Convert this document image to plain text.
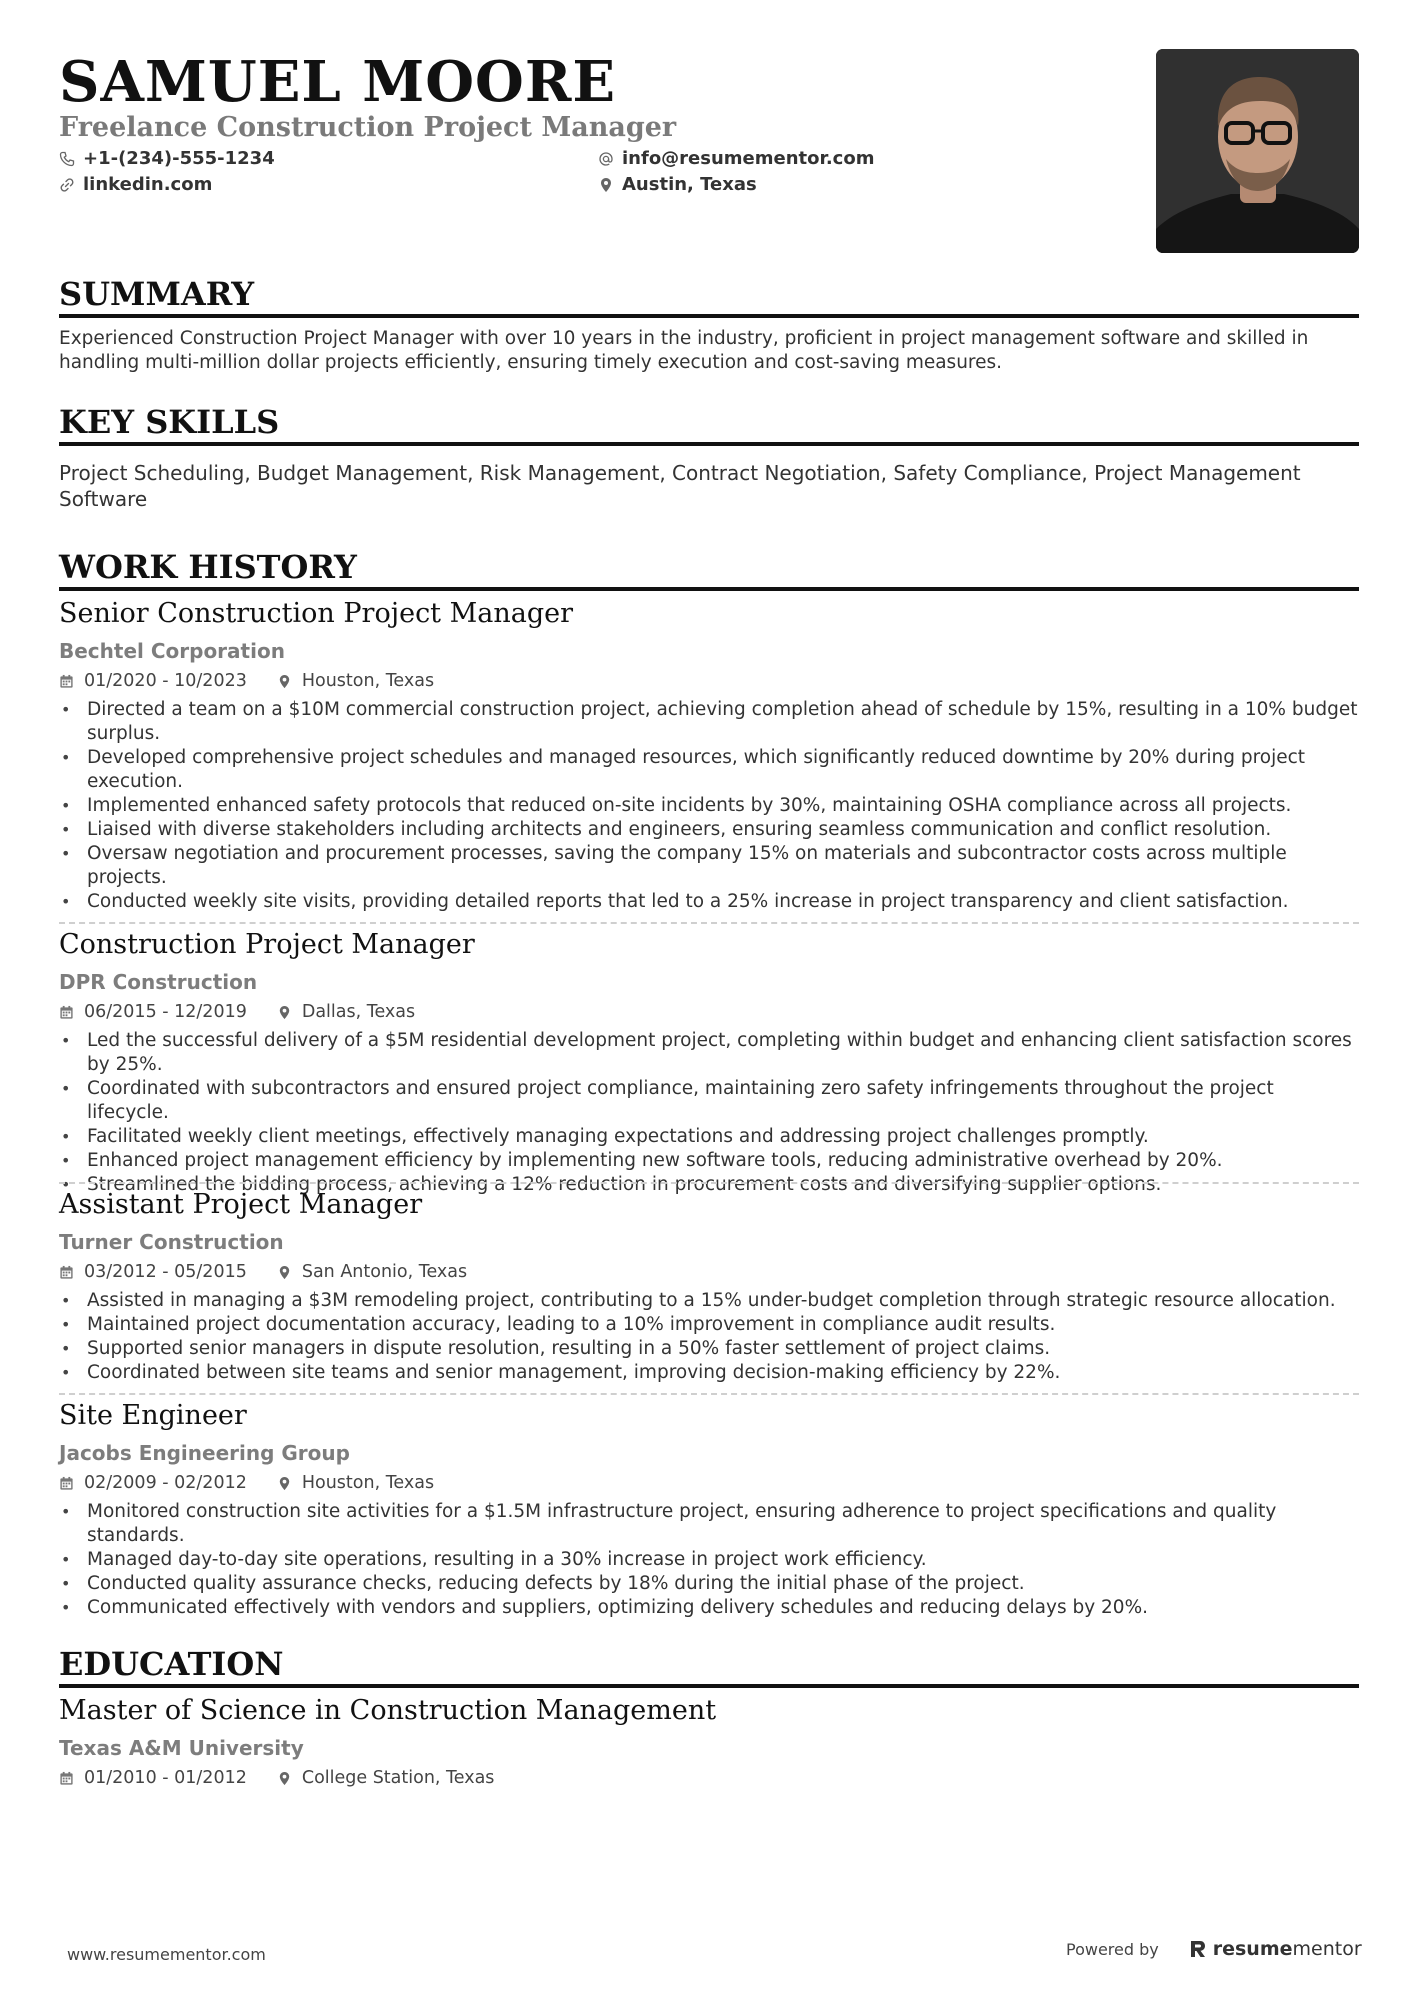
SAMUEL MOORE
Freelance Construction Project Manager
+1-(234)-555-1234
linkedin.com
info@resumementor.com
Austin, Texas
SUMMARY
Experienced Construction Project Manager with over 10 years in the industry, proficient in project management software and skilled in
handling multi-million dollar projects efficiently, ensuring timely execution and cost-saving measures.
KEY SKILLS
Project Scheduling, Budget Management, Risk Management, Contract Negotiation, Safety Compliance, Project Management
Software
WORK HISTORY
Senior Construction Project Manager
Bechtel Corporation
01/2020 - 10/2023	Houston, Texas
• Directed a team on a $10M commercial construction project, achieving completion ahead of schedule by 15%, resulting in a 10% budget
surplus.
• Developed comprehensive project schedules and managed resources, which significantly reduced downtime by 20% during project
execution.
• Implemented enhanced safety protocols that reduced on-site incidents by 30%, maintaining OSHA compliance across all projects.
• Liaised with diverse stakeholders including architects and engineers, ensuring seamless communication and conflict resolution.
• Oversaw negotiation and procurement processes, saving the company 15% on materials and subcontractor costs across multiple
projects.
• Conducted weekly site visits, providing detailed reports that led to a 25% increase in project transparency and client satisfaction.
Construction Project Manager
DPR Construction
06/2015 - 12/2019	Dallas, Texas
• Led the successful delivery of a $5M residential development project, completing within budget and enhancing client satisfaction scores
by 25%.
• Coordinated with subcontractors and ensured project compliance, maintaining zero safety infringements throughout the project lifecycle.
• Facilitated weekly client meetings, effectively managing expectations and addressing project challenges promptly.
• Enhanced project management efficiency by implementing new software tools, reducing administrative overhead by 20%.
• Streamlined the bidding process, achieving a 12% reduction in procurement costs and diversifying supplier options.
Assistant Project Manager
Turner Construction
03/2012 - 05/2015	San Antonio, Texas
• Assisted in managing a $3M remodeling project, contributing to a 15% under-budget completion through strategic resource allocation.
• Maintained project documentation accuracy, leading to a 10% improvement in compliance audit results.
• Supported senior managers in dispute resolution, resulting in a 50% faster settlement of project claims.
• Coordinated between site teams and senior management, improving decision-making efficiency by 22%.
Site Engineer
Jacobs Engineering Group
02/2009 - 02/2012	Houston, Texas
• Monitored construction site activities for a $1.5M infrastructure project, ensuring adherence to project specifications and quality
standards.
• Managed day-to-day site operations, resulting in a 30% increase in project work efficiency.
• Conducted quality assurance checks, reducing defects by 18% during the initial phase of the project.
• Communicated effectively with vendors and suppliers, optimizing delivery schedules and reducing delays by 20%.
EDUCATION
Master of Science in Construction Management
Texas A&M University
01/2010 - 01/2012	College Station, Texas
www.resumementor.com	Powered by	resumementor
